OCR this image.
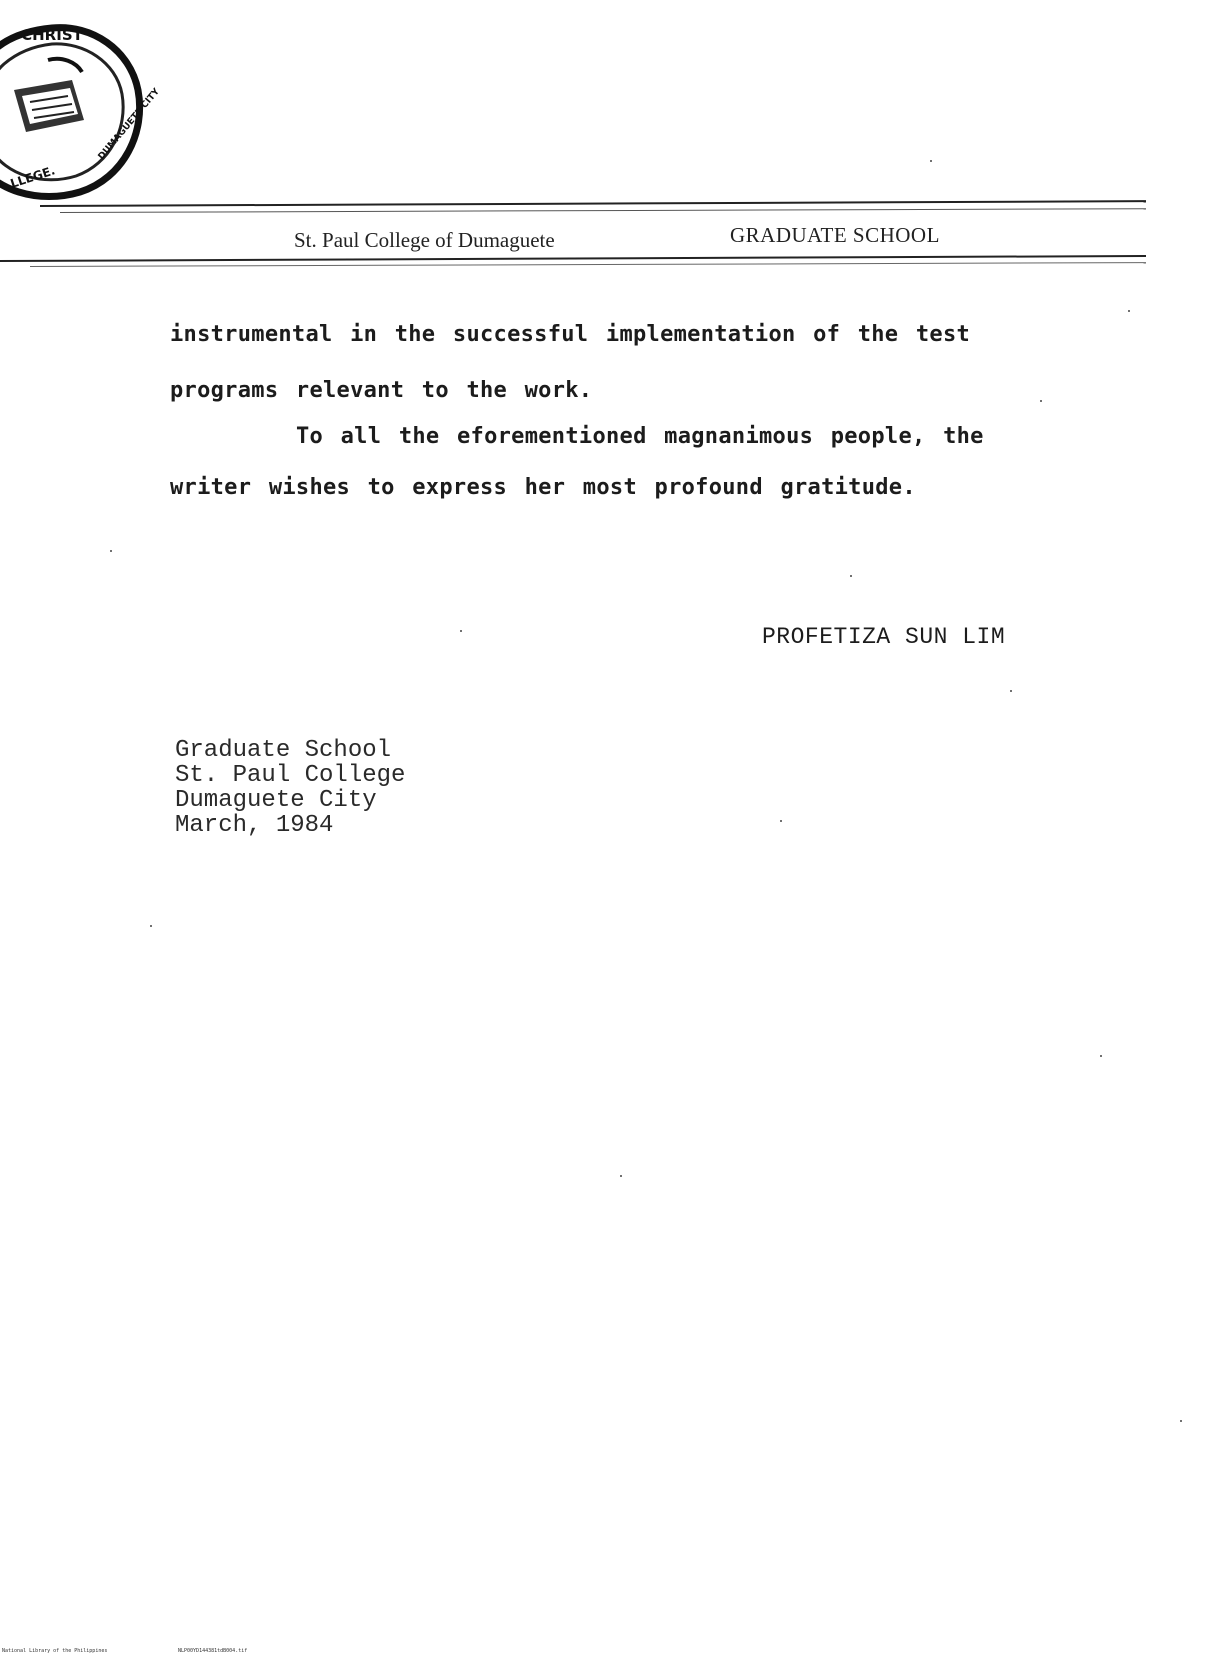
CHRIST
LLEGE.
DUMAGUETE CITY
St. Paul College of Dumaguete	GRADUATE SCHOOL
instrumental in the successful implementation of the test
programs relevant to the work.
To all the eforementioned magnanimous people, the
writer wishes to express her most profound gratitude.
PROFETIZA SUN LIM
Graduate School
St. Paul College
Dumaguete City
March, 1984
National Library of the Philippines	NLP00YD144381tdB004.tif
